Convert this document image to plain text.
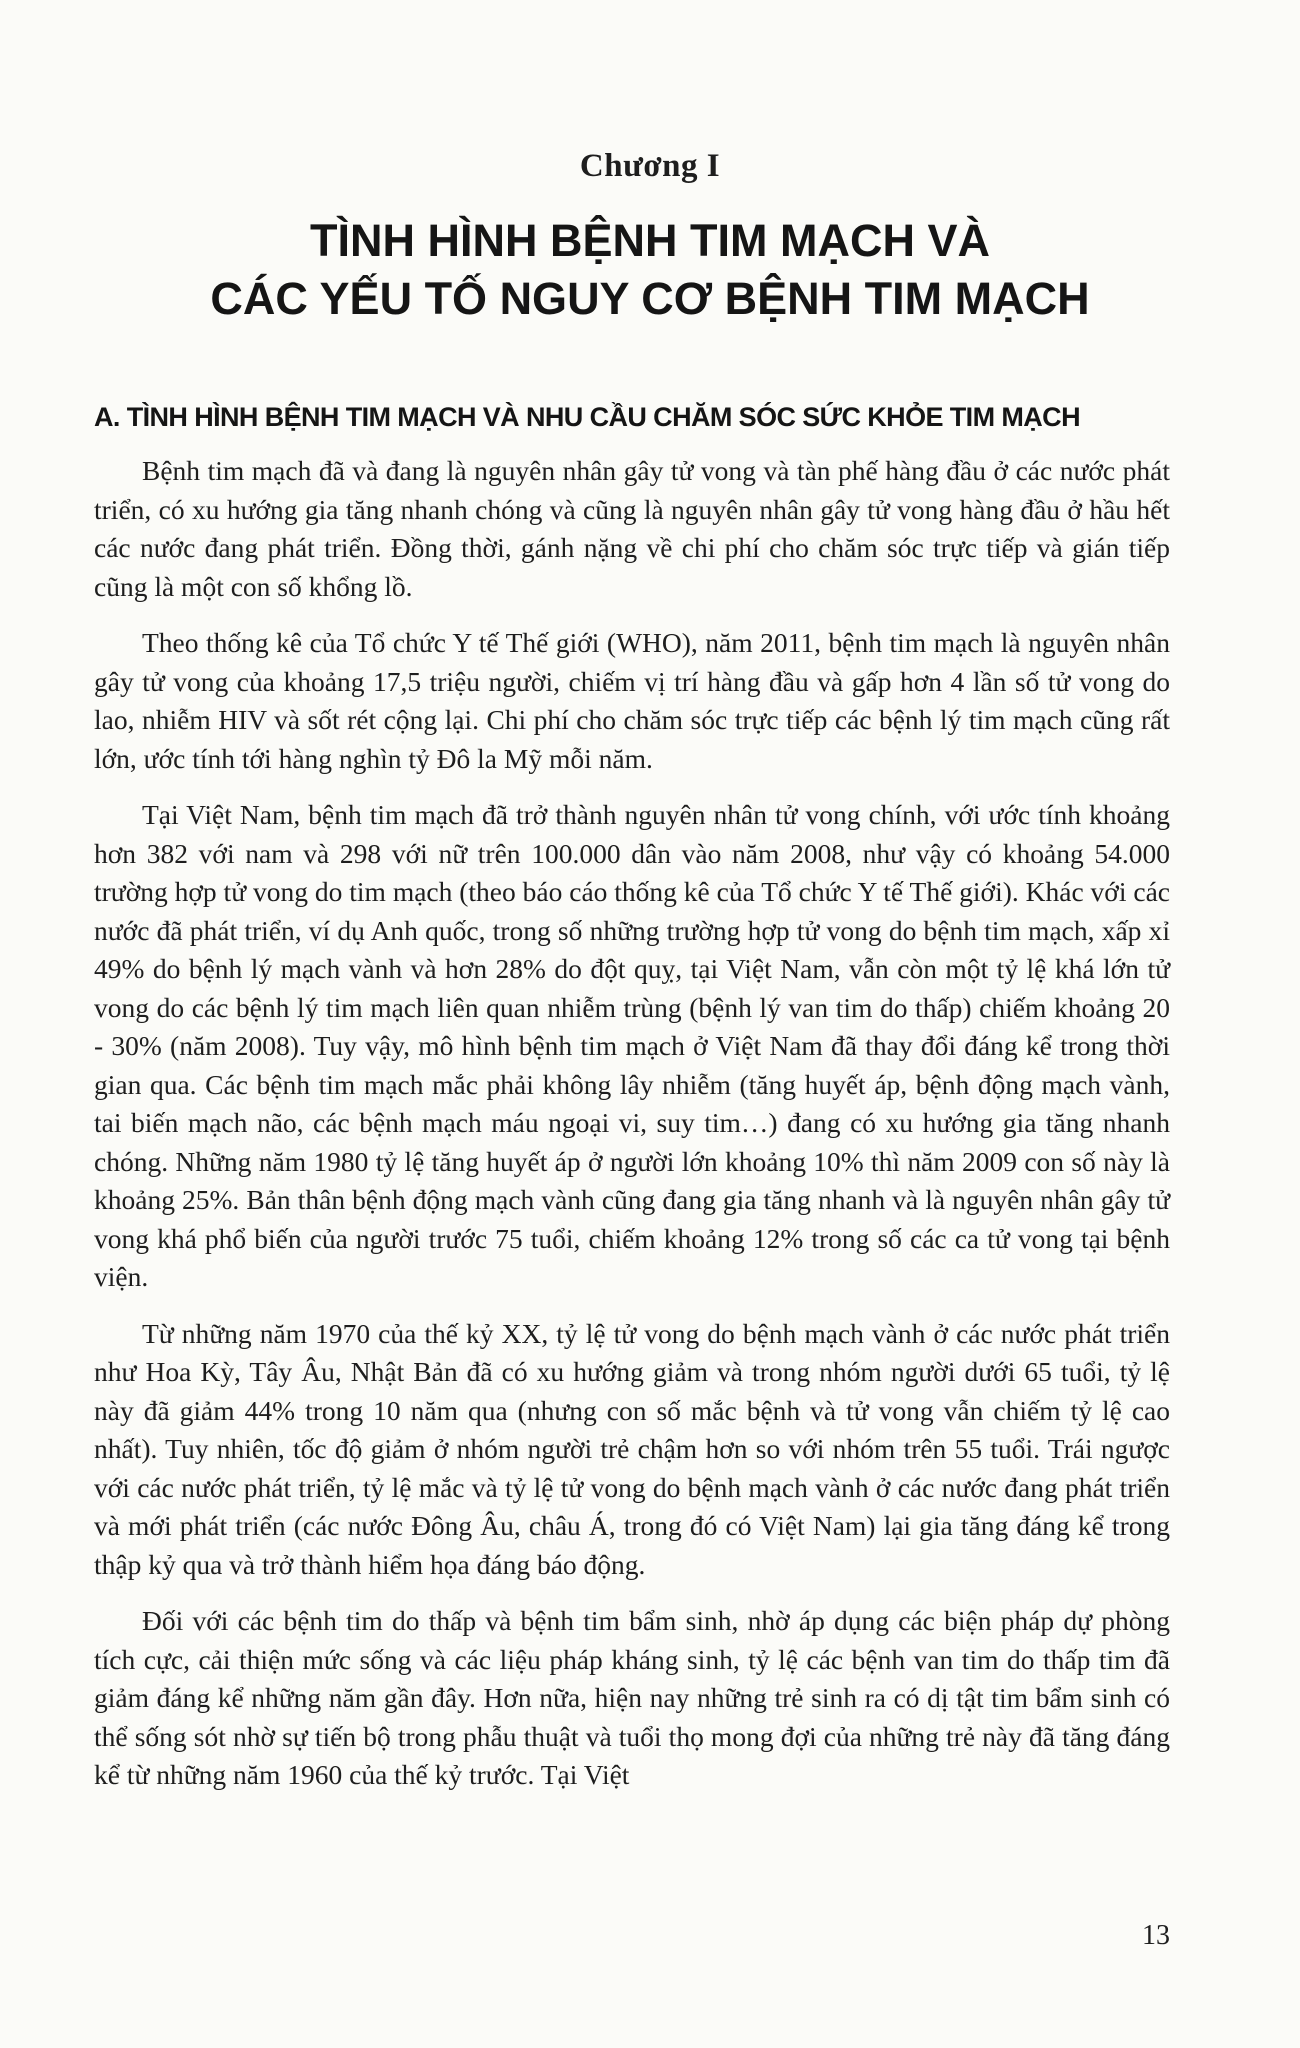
Chương I
TÌNH HÌNH BỆNH TIM MẠCH VÀ
CÁC YẾU TỐ NGUY CƠ BỆNH TIM MẠCH
A. TÌNH HÌNH BỆNH TIM MẠCH VÀ NHU CẦU CHĂM SÓC SỨC KHỎE TIM MẠCH

Bệnh tim mạch đã và đang là nguyên nhân gây tử vong và tàn phế hàng đầu ở các nước phát triển, có xu hướng gia tăng nhanh chóng và cũng là nguyên nhân gây tử vong hàng đầu ở hầu hết các nước đang phát triển. Đồng thời, gánh nặng về chi phí cho chăm sóc trực tiếp và gián tiếp cũng là một con số khổng lồ.

Theo thống kê của Tổ chức Y tế Thế giới (WHO), năm 2011, bệnh tim mạch là nguyên nhân gây tử vong của khoảng 17,5 triệu người, chiếm vị trí hàng đầu và gấp hơn 4 lần số tử vong do lao, nhiễm HIV và sốt rét cộng lại. Chi phí cho chăm sóc trực tiếp các bệnh lý tim mạch cũng rất lớn, ước tính tới hàng nghìn tỷ Đô la Mỹ mỗi năm.

Tại Việt Nam, bệnh tim mạch đã trở thành nguyên nhân tử vong chính, với ước tính khoảng hơn 382 với nam và 298 với nữ trên 100.000 dân vào năm 2008, như vậy có khoảng 54.000 trường hợp tử vong do tim mạch (theo báo cáo thống kê của Tổ chức Y tế Thế giới). Khác với các nước đã phát triển, ví dụ Anh quốc, trong số những trường hợp tử vong do bệnh tim mạch, xấp xỉ 49% do bệnh lý mạch vành và hơn 28% do đột quỵ, tại Việt Nam, vẫn còn một tỷ lệ khá lớn tử vong do các bệnh lý tim mạch liên quan nhiễm trùng (bệnh lý van tim do thấp) chiếm khoảng 20 - 30% (năm 2008). Tuy vậy, mô hình bệnh tim mạch ở Việt Nam đã thay đổi đáng kể trong thời gian qua. Các bệnh tim mạch mắc phải không lây nhiễm (tăng huyết áp, bệnh động mạch vành, tai biến mạch não, các bệnh mạch máu ngoại vi, suy tim…) đang có xu hướng gia tăng nhanh chóng. Những năm 1980 tỷ lệ tăng huyết áp ở người lớn khoảng 10% thì năm 2009 con số này là khoảng 25%. Bản thân bệnh động mạch vành cũng đang gia tăng nhanh và là nguyên nhân gây tử vong khá phổ biến của người trước 75 tuổi, chiếm khoảng 12% trong số các ca tử vong tại bệnh viện.

Từ những năm 1970 của thế kỷ XX, tỷ lệ tử vong do bệnh mạch vành ở các nước phát triển như Hoa Kỳ, Tây Âu, Nhật Bản đã có xu hướng giảm và trong nhóm người dưới 65 tuổi, tỷ lệ này đã giảm 44% trong 10 năm qua (nhưng con số mắc bệnh và tử vong vẫn chiếm tỷ lệ cao nhất). Tuy nhiên, tốc độ giảm ở nhóm người trẻ chậm hơn so với nhóm trên 55 tuổi. Trái ngược với các nước phát triển, tỷ lệ mắc và tỷ lệ tử vong do bệnh mạch vành ở các nước đang phát triển và mới phát triển (các nước Đông Âu, châu Á, trong đó có Việt Nam) lại gia tăng đáng kể trong thập kỷ qua và trở thành hiểm họa đáng báo động.

Đối với các bệnh tim do thấp và bệnh tim bẩm sinh, nhờ áp dụng các biện pháp dự phòng tích cực, cải thiện mức sống và các liệu pháp kháng sinh, tỷ lệ các bệnh van tim do thấp tim đã giảm đáng kể những năm gần đây. Hơn nữa, hiện nay những trẻ sinh ra có dị tật tim bẩm sinh có thể sống sót nhờ sự tiến bộ trong phẫu thuật và tuổi thọ mong đợi của những trẻ này đã tăng đáng kể từ những năm 1960 của thế kỷ trước. Tại Việt

13
